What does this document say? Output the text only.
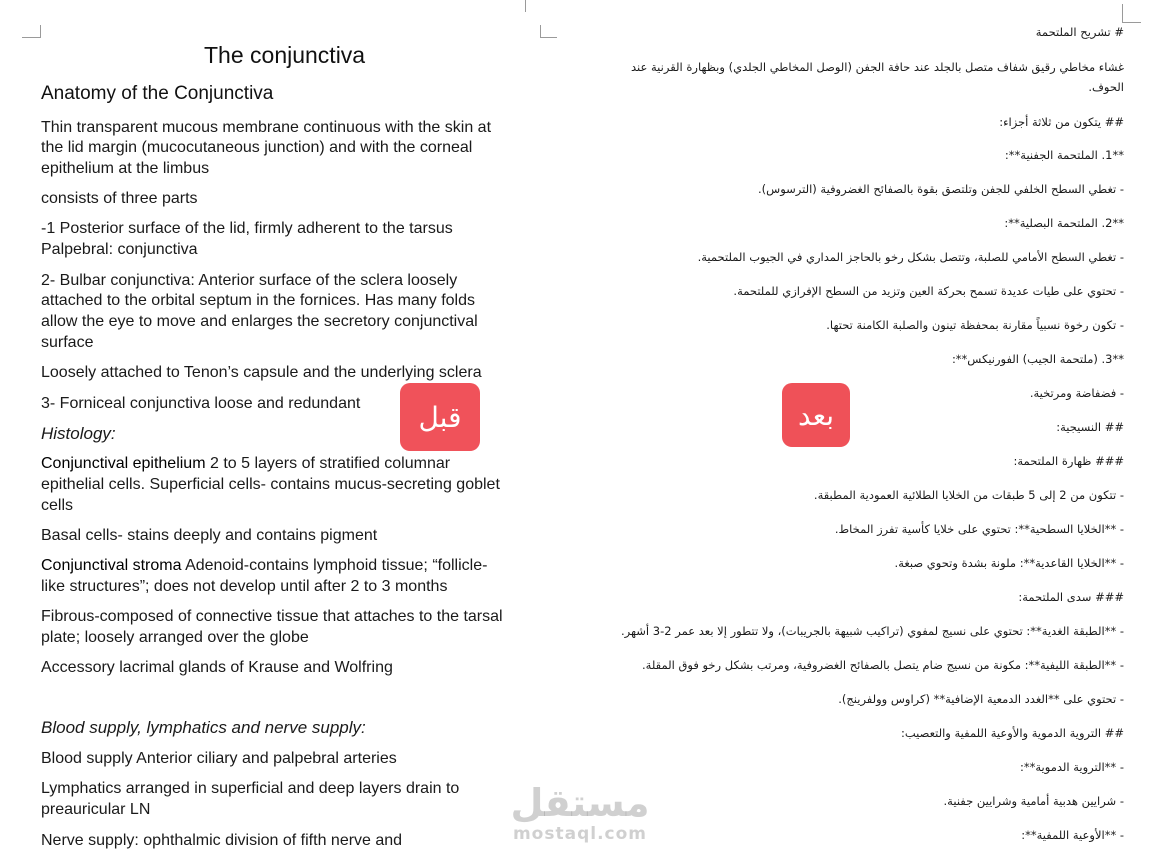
The conjunctiva
Anatomy of the Conjunctiva
Thin transparent mucous membrane continuous with the skin at
the lid margin (mucocutaneous junction) and with the corneal
epithelium at the limbus
consists of three parts
-1 Posterior surface of the lid, firmly adherent to the tarsus
Palpebral: conjunctiva
2- Bulbar conjunctiva: Anterior surface of the sclera loosely
attached to the orbital septum in the fornices. Has many folds
allow the eye to move and enlarges the secretory conjunctival
surface
Loosely attached to Tenon’s capsule and the underlying sclera
3- Forniceal conjunctiva loose and redundant
Histology:
Conjunctival epithelium 2 to 5 layers of stratified columnar
epithelial cells. Superficial cells- contains mucus-secreting goblet
cells
Basal cells- stains deeply and contains pigment
Conjunctival stroma Adenoid-contains lymphoid tissue; “follicle-
like structures”; does not develop until after 2 to 3 months
Fibrous-composed of connective tissue that attaches to the tarsal
plate; loosely arranged over the globe
Accessory lacrimal glands of Krause and Wolfring
Blood supply, lymphatics and nerve supply:
Blood supply Anterior ciliary and palpebral arteries
Lymphatics arranged in superficial and deep layers drain to
preauricular LN
Nerve supply: ophthalmic division of fifth nerve and
# تشريح الملتحمة
غشاء مخاطي رقيق شفاف متصل بالجلد عند حافة الجفن (الوصل المخاطي الجلدي) وبظهارة القرنية عند
الحوف.
## يتكون من ثلاثة أجزاء:
**1. الملتحمة الجفنية**:
- تغطي السطح الخلفي للجفن وتلتصق بقوة بالصفائح الغضروفية (الترسوس).
**2. الملتحمة البصلية**:
- تغطي السطح الأمامي للصلبة، وتتصل بشكل رخو بالحاجز المداري في الجيوب الملتحمية.
- تحتوي على طيات عديدة تسمح بحركة العين وتزيد من السطح الإفرازي للملتحمة.
- تكون رخوة نسبياً مقارنة بمحفظة تينون والصلبة الكامنة تحتها.
**3. (ملتحمة الجيب) الفورنيكس**:
- فضفاضة ومرتخية.
## النسيجية:
### ظهارة الملتحمة:
- تتكون من 2 إلى 5 طبقات من الخلايا الطلائية العمودية المطبقة.
- **الخلايا السطحية**: تحتوي على خلايا كأسية تفرز المخاط.
- **الخلايا القاعدية**: ملونة بشدة وتحوي صبغة.
### سدى الملتحمة:
- **الطبقة الغدية**: تحتوي على نسيج لمفوي (تراكيب شبيهة بالجريبات)، ولا تتطور إلا بعد عمر 2-3 أشهر.
- **الطبقة الليفية**: مكونة من نسيج ضام يتصل بالصفائح الغضروفية، ومرتب بشكل رخو فوق المقلة.
- تحتوي على **الغدد الدمعية الإضافية** (كراوس وولفرينج).
## التروية الدموية والأوعية اللمفية والتعصيب:
- **التروية الدموية**:
- شرايين هدبية أمامية وشرايين جفنية.
- **الأوعية اللمفية**:
قبل	بعد
مستقل
mostaql.com
